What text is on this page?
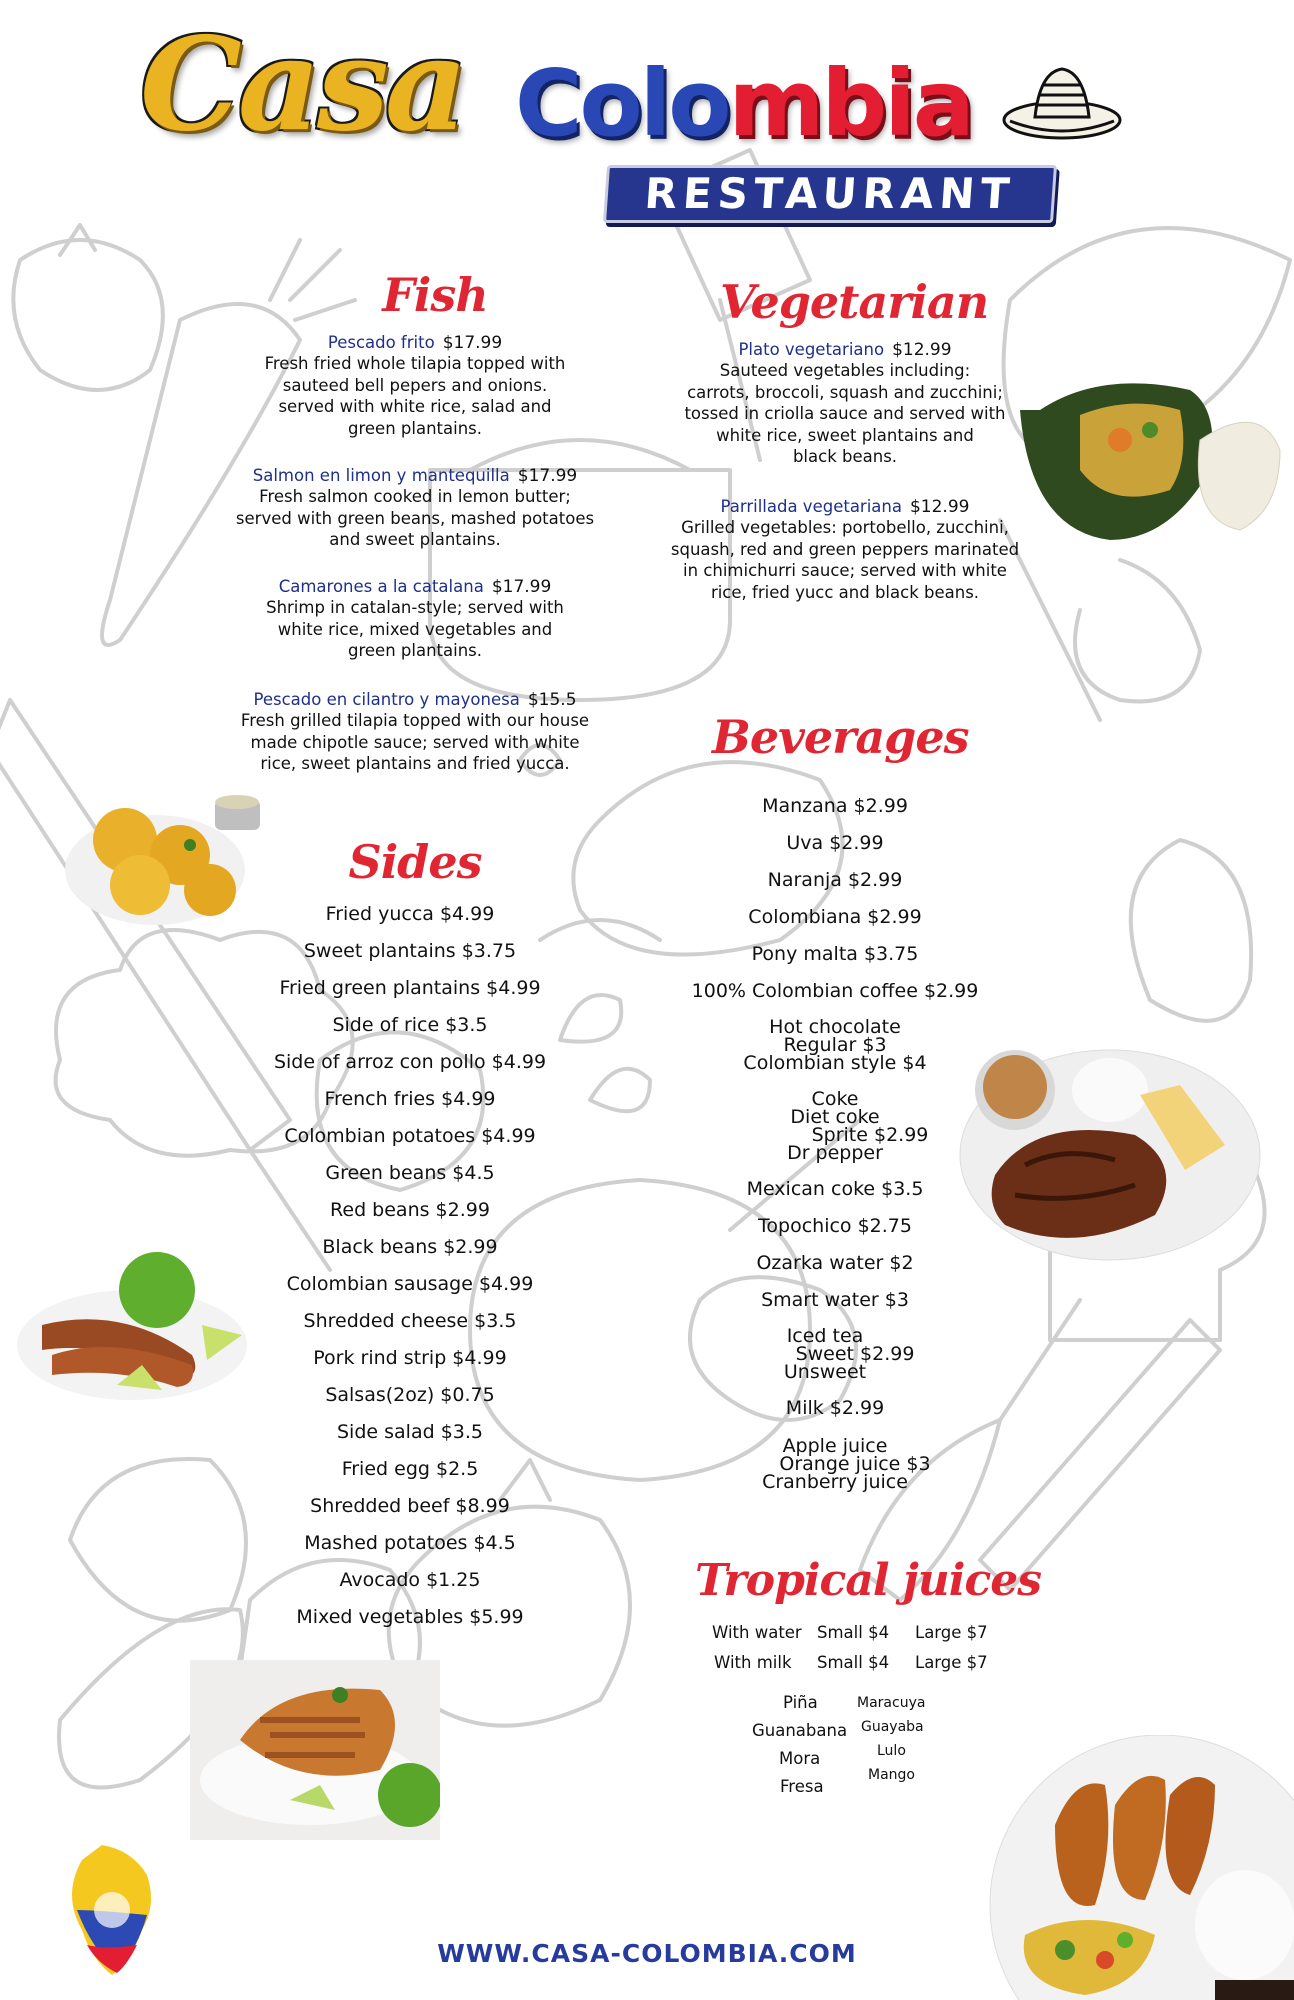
Casa Colombia
RESTAURANT
Fish
Pescado frito $17.99
Fresh fried whole tilapia topped with
sauteed bell pepers and onions.
served with white rice, salad and
green plantains.
Salmon en limon y mantequilla $17.99
Fresh salmon cooked in lemon butter;
served with green beans, mashed potatoes
and sweet plantains.
Camarones a la catalana $17.99
Shrimp in catalan-style; served with
white rice, mixed vegetables and
green plantains.
Pescado en cilantro y mayonesa $15.5
Fresh grilled tilapia topped with our house
made chipotle sauce; served with white
rice, sweet plantains and fried yucca.
Vegetarian
Plato vegetariano $12.99
Sauteed vegetables including:
carrots, broccoli, squash and zucchini;
tossed in criolla sauce and served with
white rice, sweet plantains and
black beans.
Parrillada vegetariana $12.99
Grilled vegetables: portobello, zucchini,
squash, red and green peppers marinated
in chimichurri sauce; served with white
rice, fried yucc and black beans.
Sides
Fried yucca $4.99
Sweet plantains $3.75
Fried green plantains $4.99
Side of rice $3.5
Side of arroz con pollo $4.99
French fries $4.99
Colombian potatoes $4.99
Green beans $4.5
Red beans $2.99
Black beans $2.99
Colombian sausage $4.99
Shredded cheese $3.5
Pork rind strip $4.99
Salsas(2oz) $0.75
Side salad $3.5
Fried egg $2.5
Shredded beef $8.99
Mashed potatoes $4.5
Avocado $1.25
Mixed vegetables $5.99
Beverages
Manzana $2.99
Uva $2.99
Naranja $2.99
Colombiana $2.99
Pony malta $3.75
100% Colombian coffee $2.99
Hot chocolate
Regular $3
Colombian style $4
Coke
Diet coke
Sprite $2.99
Dr pepper
Mexican coke $3.5
Topochico $2.75
Ozarka water $2
Smart water $3
Iced tea
Sweet $2.99
Unsweet
Milk $2.99
Apple juice
Orange juice $3
Cranberry juice
Tropical juices
With water Small $4 Large $7
With milk Small $4 Large $7
Piña
Guanabana
Mora
Fresa
Maracuya
Guayaba
Lulo
Mango
WWW.CASA-COLOMBIA.COM
